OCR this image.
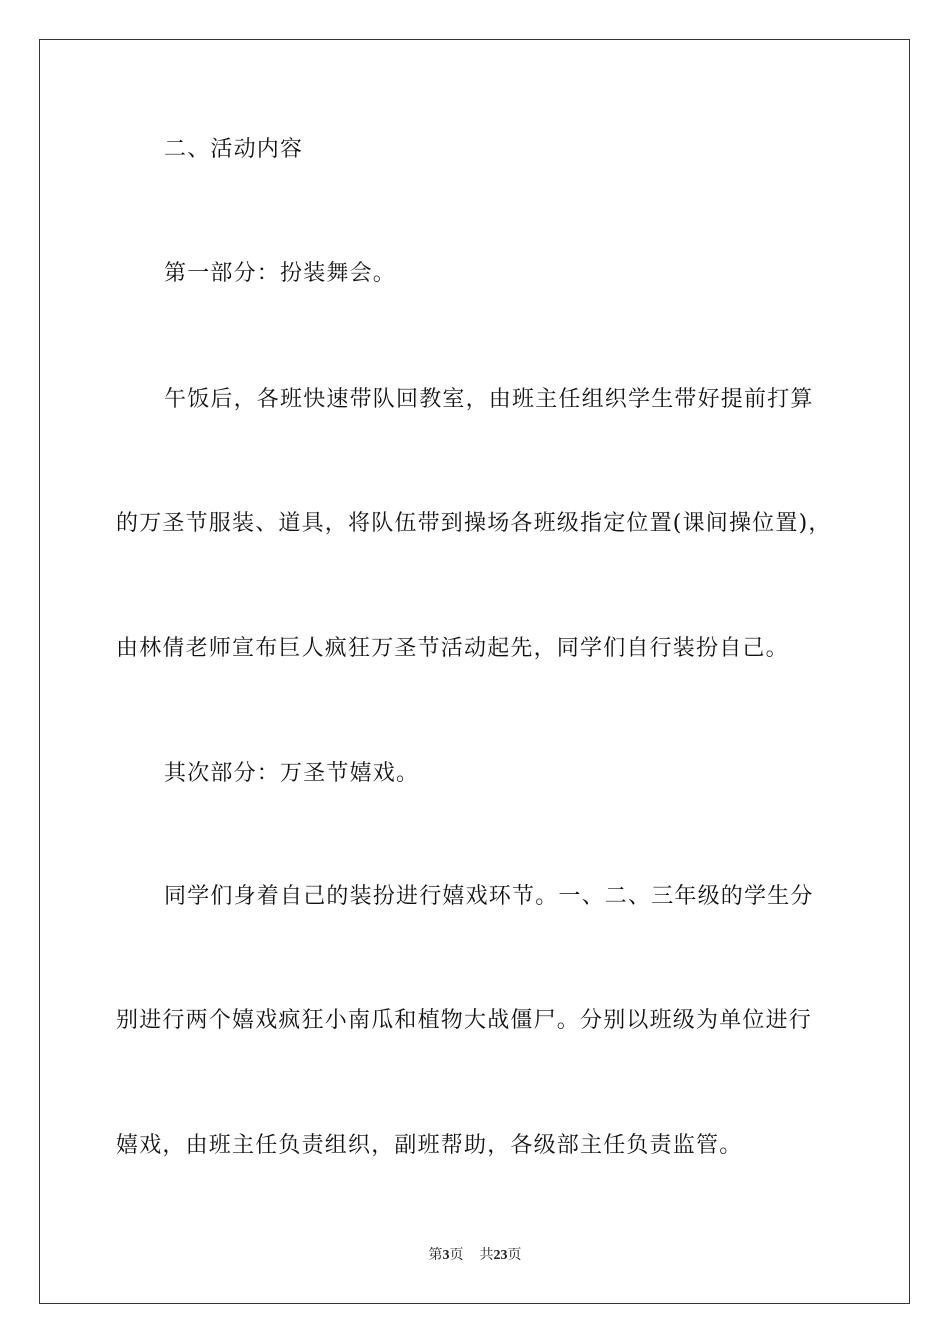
二、活动内容
第一部分：扮装舞会。
午饭后，各班快速带队回教室，由班主任组织学生带好提前打算
的万圣节服装、道具，将队伍带到操场各班级指定位置(课间操位置)，
由林倩老师宣布巨人疯狂万圣节活动起先，同学们自行装扮自己。
其次部分：万圣节嬉戏。
同学们身着自己的装扮进行嬉戏环节。一、二、三年级的学生分
别进行两个嬉戏疯狂小南瓜和植物大战僵尸。分别以班级为单位进行
嬉戏，由班主任负责组织，副班帮助，各级部主任负责监管。
第3页 共23页
